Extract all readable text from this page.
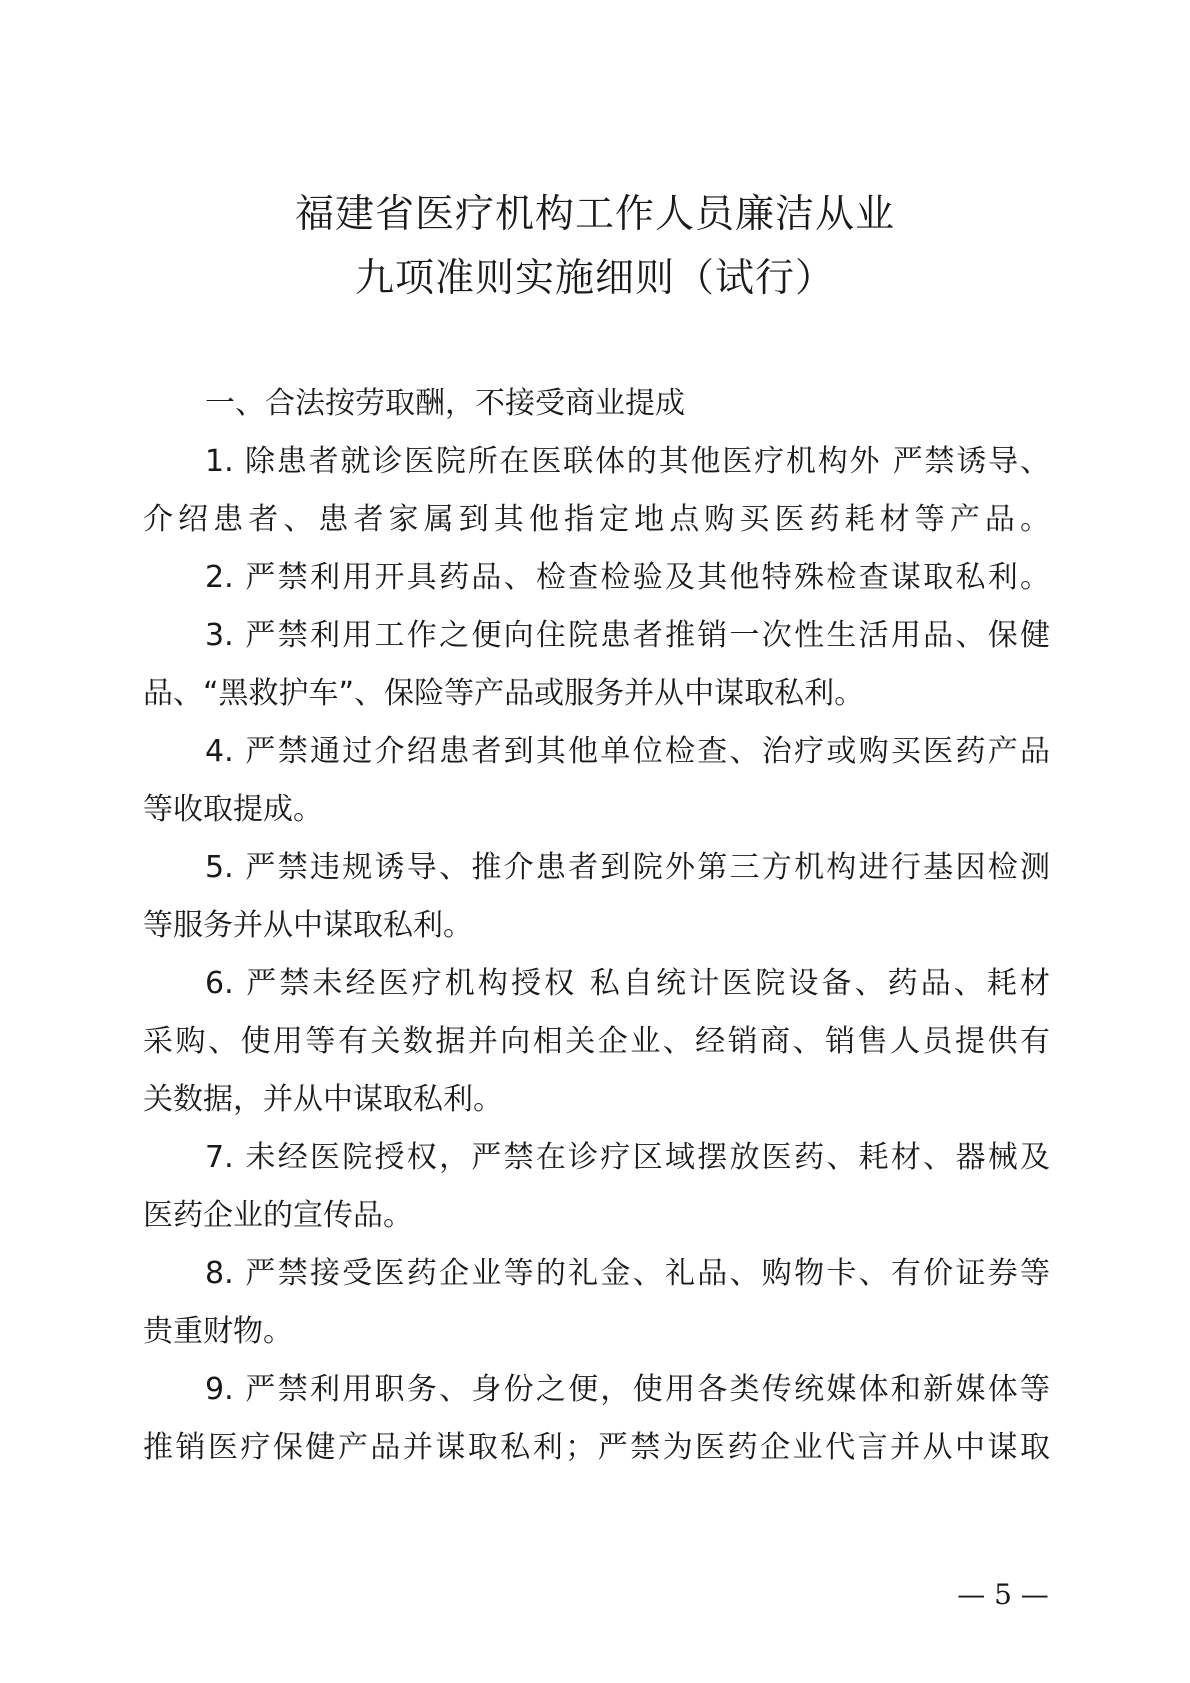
福建省医疗机构工作人员廉洁从业
九项准则实施细则（试行）
一、合法按劳取酬，不接受商业提成
1. 除患者就诊医院所在医联体的其他医疗机构外 严禁诱导、
介绍患者、患者家属到其他指定地点购买医药耗材等产品。
2. 严禁利用开具药品、检查检验及其他特殊检查谋取私利。
3. 严禁利用工作之便向住院患者推销一次性生活用品、保健
品、“黑救护车”、保险等产品或服务并从中谋取私利。
4. 严禁通过介绍患者到其他单位检查、治疗或购买医药产品
等收取提成。
5. 严禁违规诱导、推介患者到院外第三方机构进行基因检测
等服务并从中谋取私利。
6. 严禁未经医疗机构授权 私自统计医院设备、药品、耗材
采购、使用等有关数据并向相关企业、经销商、销售人员提供有
关数据，并从中谋取私利。
7. 未经医院授权，严禁在诊疗区域摆放医药、耗材、器械及
医药企业的宣传品。
8. 严禁接受医药企业等的礼金、礼品、购物卡、有价证券等
贵重财物。
9. 严禁利用职务、身份之便，使用各类传统媒体和新媒体等
推销医疗保健产品并谋取私利；严禁为医药企业代言并从中谋取
— 5 —
